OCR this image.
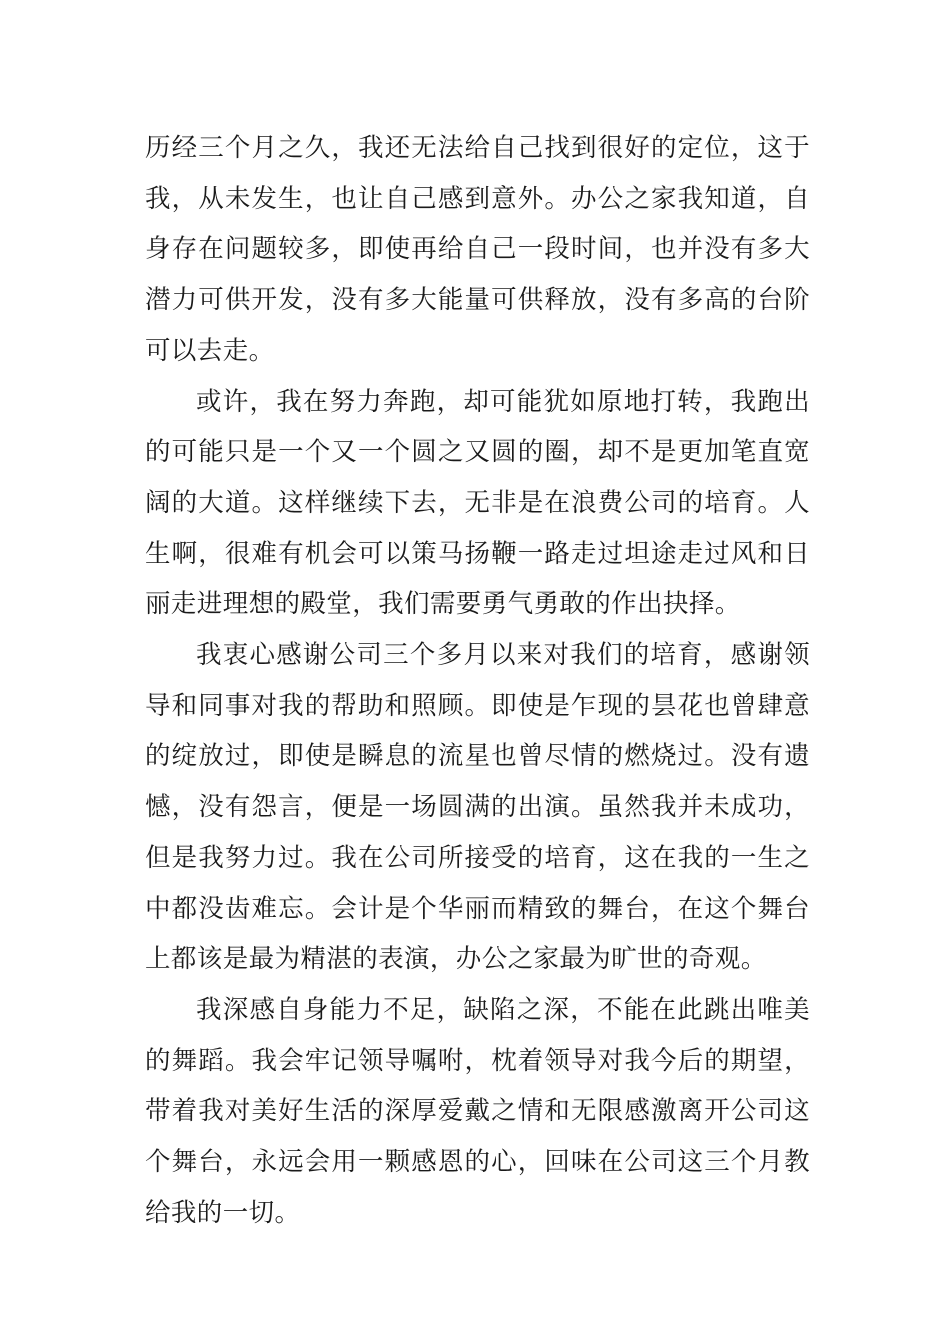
历经三个月之久，我还无法给自己找到很好的定位，这于我，从未发生，也让自己感到意外。办公之家我知道，自身存在问题较多，即使再给自己一段时间，也并没有多大潜力可供开发，没有多大能量可供释放，没有多高的台阶可以去走。

或许，我在努力奔跑，却可能犹如原地打转，我跑出的可能只是一个又一个圆之又圆的圈，却不是更加笔直宽阔的大道。这样继续下去，无非是在浪费公司的培育。人生啊，很难有机会可以策马扬鞭一路走过坦途走过风和日丽走进理想的殿堂，我们需要勇气勇敢的作出抉择。

我衷心感谢公司三个多月以来对我们的培育，感谢领导和同事对我的帮助和照顾。即使是乍现的昙花也曾肆意的绽放过，即使是瞬息的流星也曾尽情的燃烧过。没有遗憾，没有怨言，便是一场圆满的出演。虽然我并未成功，但是我努力过。我在公司所接受的培育，这在我的一生之中都没齿难忘。会计是个华丽而精致的舞台，在这个舞台上都该是最为精湛的表演，办公之家最为旷世的奇观。

我深感自身能力不足，缺陷之深，不能在此跳出唯美的舞蹈。我会牢记领导嘱咐，枕着领导对我今后的期望，带着我对美好生活的深厚爱戴之情和无限感激离开公司这个舞台，永远会用一颗感恩的心，回味在公司这三个月教给我的一切。
